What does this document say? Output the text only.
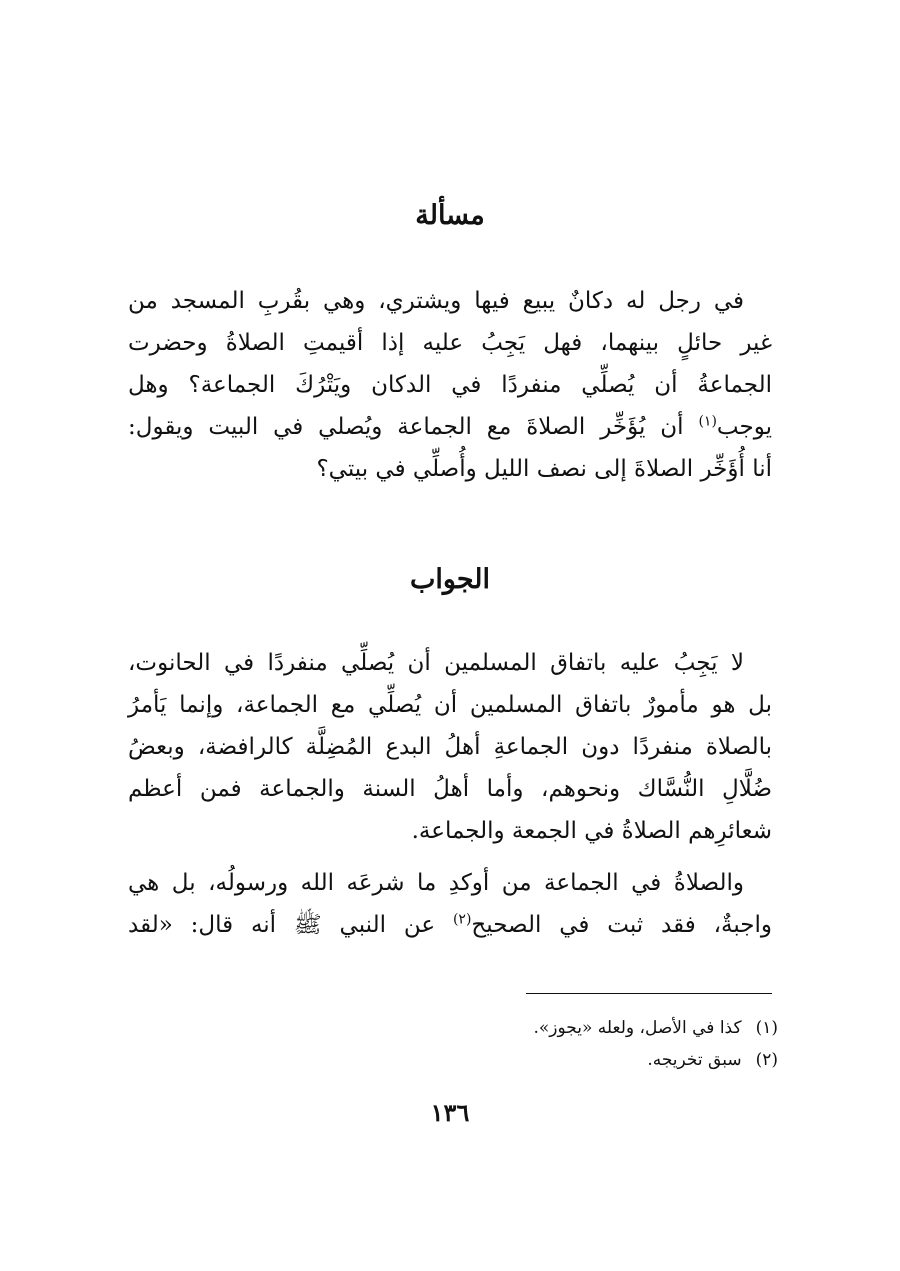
مسألة
في رجل له دكانٌ يبيع فيها ويشتري، وهي بقُربِ المسجد من
غير حائلٍ بينهما، فهل يَجِبُ عليه إذا أقيمتِ الصلاةُ وحضرت
الجماعةُ أن يُصلِّي منفردًا في الدكان ويَتْرُكَ الجماعة؟ وهل
يوجب$^{(١)}$ أن يُؤَخِّر الصلاةَ مع الجماعة ويُصلي في البيت ويقول:
أنا أُؤَخِّر الصلاةَ إلى نصف الليل وأُصلِّي في بيتي؟
الجواب
لا يَجِبُ عليه باتفاق المسلمين أن يُصلِّي منفردًا في الحانوت،
بل هو مأمورٌ باتفاق المسلمين أن يُصلِّي مع الجماعة، وإنما يَأمرُ
بالصلاة منفردًا دون الجماعةِ أهلُ البدع المُضِلَّة كالرافضة، وبعضُ
ضُلَّالِ النُّسَّاك ونحوهم، وأما أهلُ السنة والجماعة فمن أعظم
شعائرِهم الصلاةُ في الجمعة والجماعة.
والصلاةُ في الجماعة من أوكدِ ما شرعَه الله ورسولُه، بل هي
واجبةٌ، فقد ثبت في الصحيح$^{(٢)}$ عن النبي ﷺ أنه قال: «لقد
(١)كذا في الأصل، ولعله «يجوز».
(٢)سبق تخريجه.
١٣٦
